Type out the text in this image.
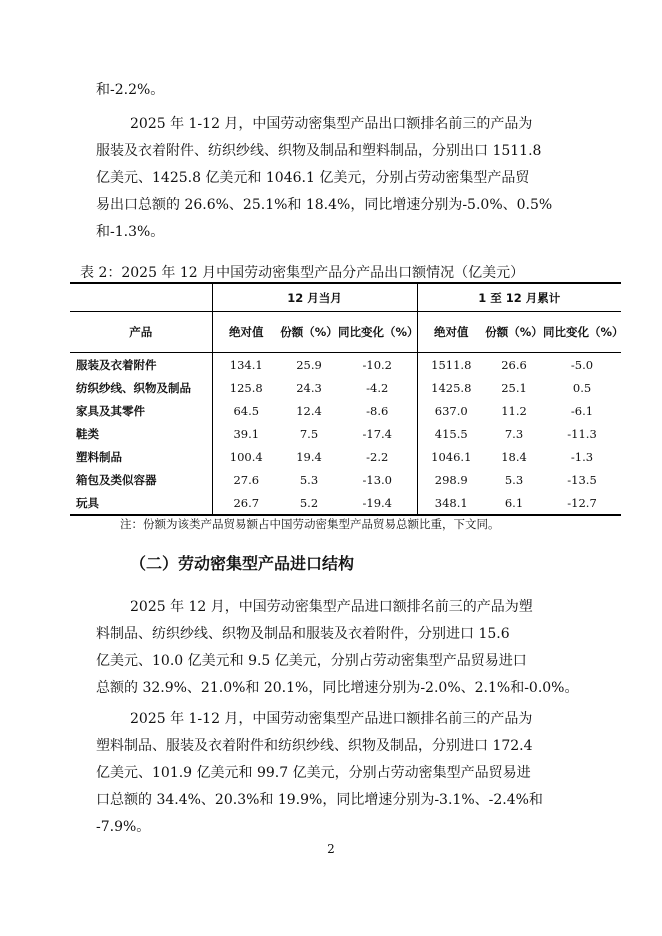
和-2.2%。

2025 年 1-12 月，中国劳动密集型产品出口额排名前三的产品为
服装及衣着附件、纺织纱线、织物及制品和塑料制品，分别出口 1511.8
亿美元、1425.8 亿美元和 1046.1 亿美元，分别占劳动密集型产品贸
易出口总额的 26.6%、25.1%和 18.4%，同比增速分别为-5.0%、0.5%
和-1.3%。
表 2：2025 年 12 月中国劳动密集型产品分产品出口额情况（亿美元）
	12 月当月			1 至 12 月累计		
产品	绝对值	份额（%）	同比变化（%）	绝对值	份额（%）	同比变化（%）
服装及衣着附件	134.1	25.9	-10.2	1511.8	26.6	-5.0
纺织纱线、织物及制品	125.8	24.3	-4.2	1425.8	25.1	0.5
家具及其零件	64.5	12.4	-8.6	637.0	11.2	-6.1
鞋类	39.1	7.5	-17.4	415.5	7.3	-11.3
塑料制品	100.4	19.4	-2.2	1046.1	18.4	-1.3
箱包及类似容器	27.6	5.3	-13.0	298.9	5.3	-13.5
玩具	26.7	5.2	-19.4	348.1	6.1	-12.7
注：份额为该类产品贸易额占中国劳动密集型产品贸易总额比重，下文同。
（二）劳动密集型产品进口结构
2025 年 12 月，中国劳动密集型产品进口额排名前三的产品为塑
料制品、纺织纱线、织物及制品和服装及衣着附件，分别进口 15.6
亿美元、10.0 亿美元和 9.5 亿美元，分别占劳动密集型产品贸易进口
总额的 32.9%、21.0%和 20.1%，同比增速分别为-2.0%、2.1%和-0.0%。
2025 年 1-12 月，中国劳动密集型产品进口额排名前三的产品为
塑料制品、服装及衣着附件和纺织纱线、织物及制品，分别进口 172.4
亿美元、101.9 亿美元和 99.7 亿美元，分别占劳动密集型产品贸易进
口总额的 34.4%、20.3%和 19.9%，同比增速分别为-3.1%、-2.4%和
-7.9%。
2
